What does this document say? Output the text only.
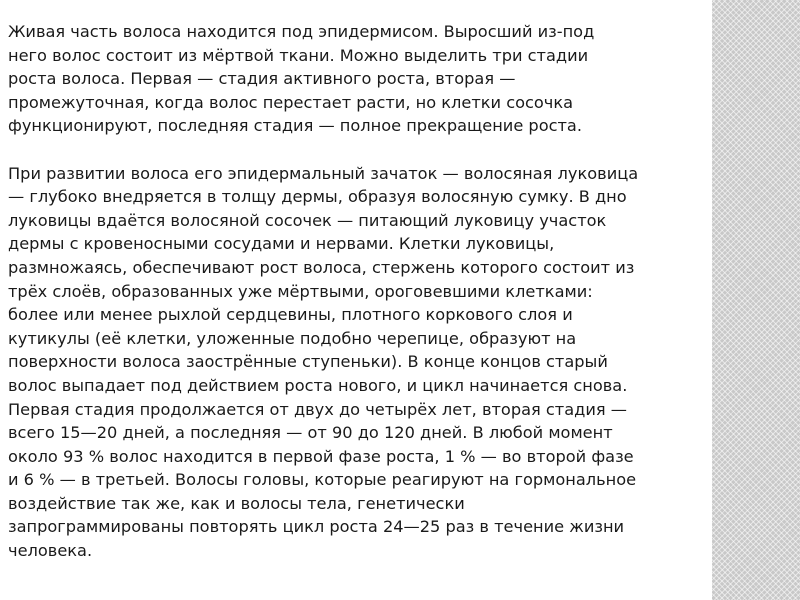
Живая часть волоса находится под эпидермисом. Выросший из-под
него волос состоит из мёртвой ткани. Можно выделить три стадии
роста волоса. Первая — стадия активного роста, вторая —
промежуточная, когда волос перестает расти, но клетки сосочка
функционируют, последняя стадия — полное прекращение роста.

При развитии волоса его эпидермальный зачаток — волосяная луковица
— глубоко внедряется в толщу дермы, образуя волосяную сумку. В дно
луковицы вдаётся волосяной сосочек — питающий луковицу участок
дермы с кровеносными сосудами и нервами. Клетки луковицы,
размножаясь, обеспечивают рост волоса, стержень которого состоит из
трёх слоёв, образованных уже мёртвыми, ороговевшими клетками:
более или менее рыхлой сердцевины, плотного коркового слоя и
кутикулы (её клетки, уложенные подобно черепице, образуют на
поверхности волоса заострённые ступеньки). В конце концов старый
волос выпадает под действием роста нового, и цикл начинается снова.
Первая стадия продолжается от двух до четырёх лет, вторая стадия —
всего 15—20 дней, а последняя — от 90 до 120 дней. В любой момент
около 93 % волос находится в первой фазе роста, 1 % — во второй фазе
и 6 % — в третьей. Волосы головы, которые реагируют на гормональное
воздействие так же, как и волосы тела, генетически
запрограммированы повторять цикл роста 24—25 раз в течение жизни
человека.
